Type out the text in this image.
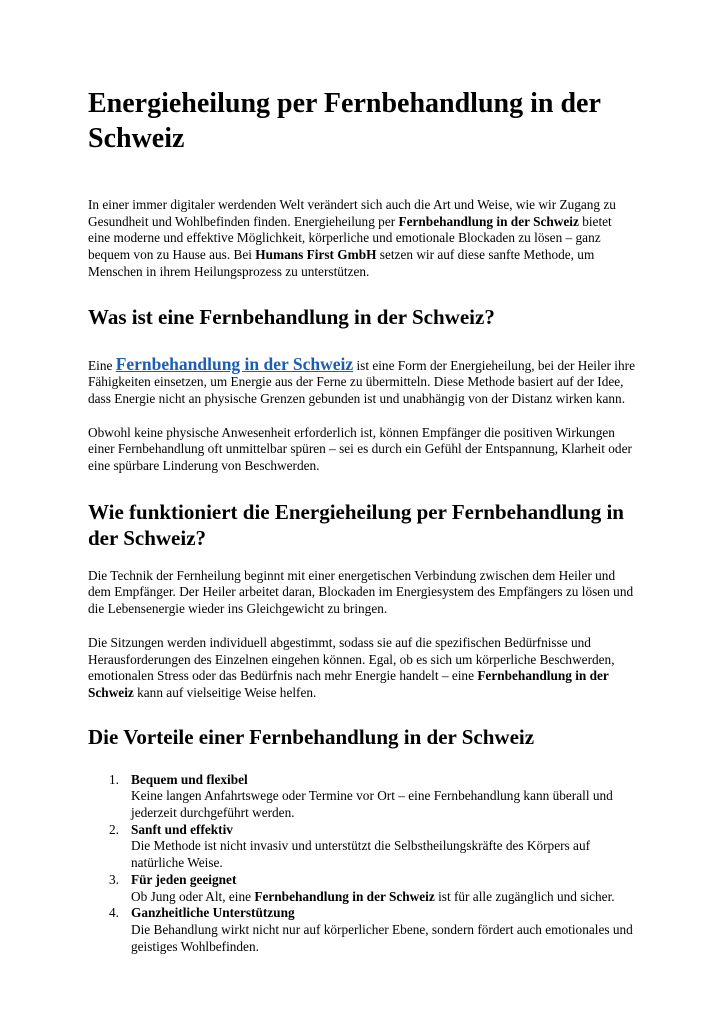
Energieheilung per Fernbehandlung in der Schweiz

In einer immer digitaler werdenden Welt verändert sich auch die Art und Weise, wie wir Zugang zu Gesundheit und Wohlbefinden finden. Energieheilung per Fernbehandlung in der Schweiz bietet eine moderne und effektive Möglichkeit, körperliche und emotionale Blockaden zu lösen – ganz bequem von zu Hause aus. Bei Humans First GmbH setzen wir auf diese sanfte Methode, um Menschen in ihrem Heilungsprozess zu unterstützen.

Was ist eine Fernbehandlung in der Schweiz?

Eine Fernbehandlung in der Schweiz ist eine Form der Energieheilung, bei der Heiler ihre Fähigkeiten einsetzen, um Energie aus der Ferne zu übermitteln. Diese Methode basiert auf der Idee, dass Energie nicht an physische Grenzen gebunden ist und unabhängig von der Distanz wirken kann.

Obwohl keine physische Anwesenheit erforderlich ist, können Empfänger die positiven Wirkungen einer Fernbehandlung oft unmittelbar spüren – sei es durch ein Gefühl der Entspannung, Klarheit oder eine spürbare Linderung von Beschwerden.

Wie funktioniert die Energieheilung per Fernbehandlung in der Schweiz?

Die Technik der Fernheilung beginnt mit einer energetischen Verbindung zwischen dem Heiler und dem Empfänger. Der Heiler arbeitet daran, Blockaden im Energiesystem des Empfängers zu lösen und die Lebensenergie wieder ins Gleichgewicht zu bringen.

Die Sitzungen werden individuell abgestimmt, sodass sie auf die spezifischen Bedürfnisse und Herausforderungen des Einzelnen eingehen können. Egal, ob es sich um körperliche Beschwerden, emotionalen Stress oder das Bedürfnis nach mehr Energie handelt – eine Fernbehandlung in der Schweiz kann auf vielseitige Weise helfen.

Die Vorteile einer Fernbehandlung in der Schweiz
1. Bequem und flexibel
Keine langen Anfahrtswege oder Termine vor Ort – eine Fernbehandlung kann überall und jederzeit durchgeführt werden.
2. Sanft und effektiv
Die Methode ist nicht invasiv und unterstützt die Selbstheilungskräfte des Körpers auf natürliche Weise.
3. Für jeden geeignet
Ob Jung oder Alt, eine Fernbehandlung in der Schweiz ist für alle zugänglich und sicher.
4. Ganzheitliche Unterstützung
Die Behandlung wirkt nicht nur auf körperlicher Ebene, sondern fördert auch emotionales und geistiges Wohlbefinden.
